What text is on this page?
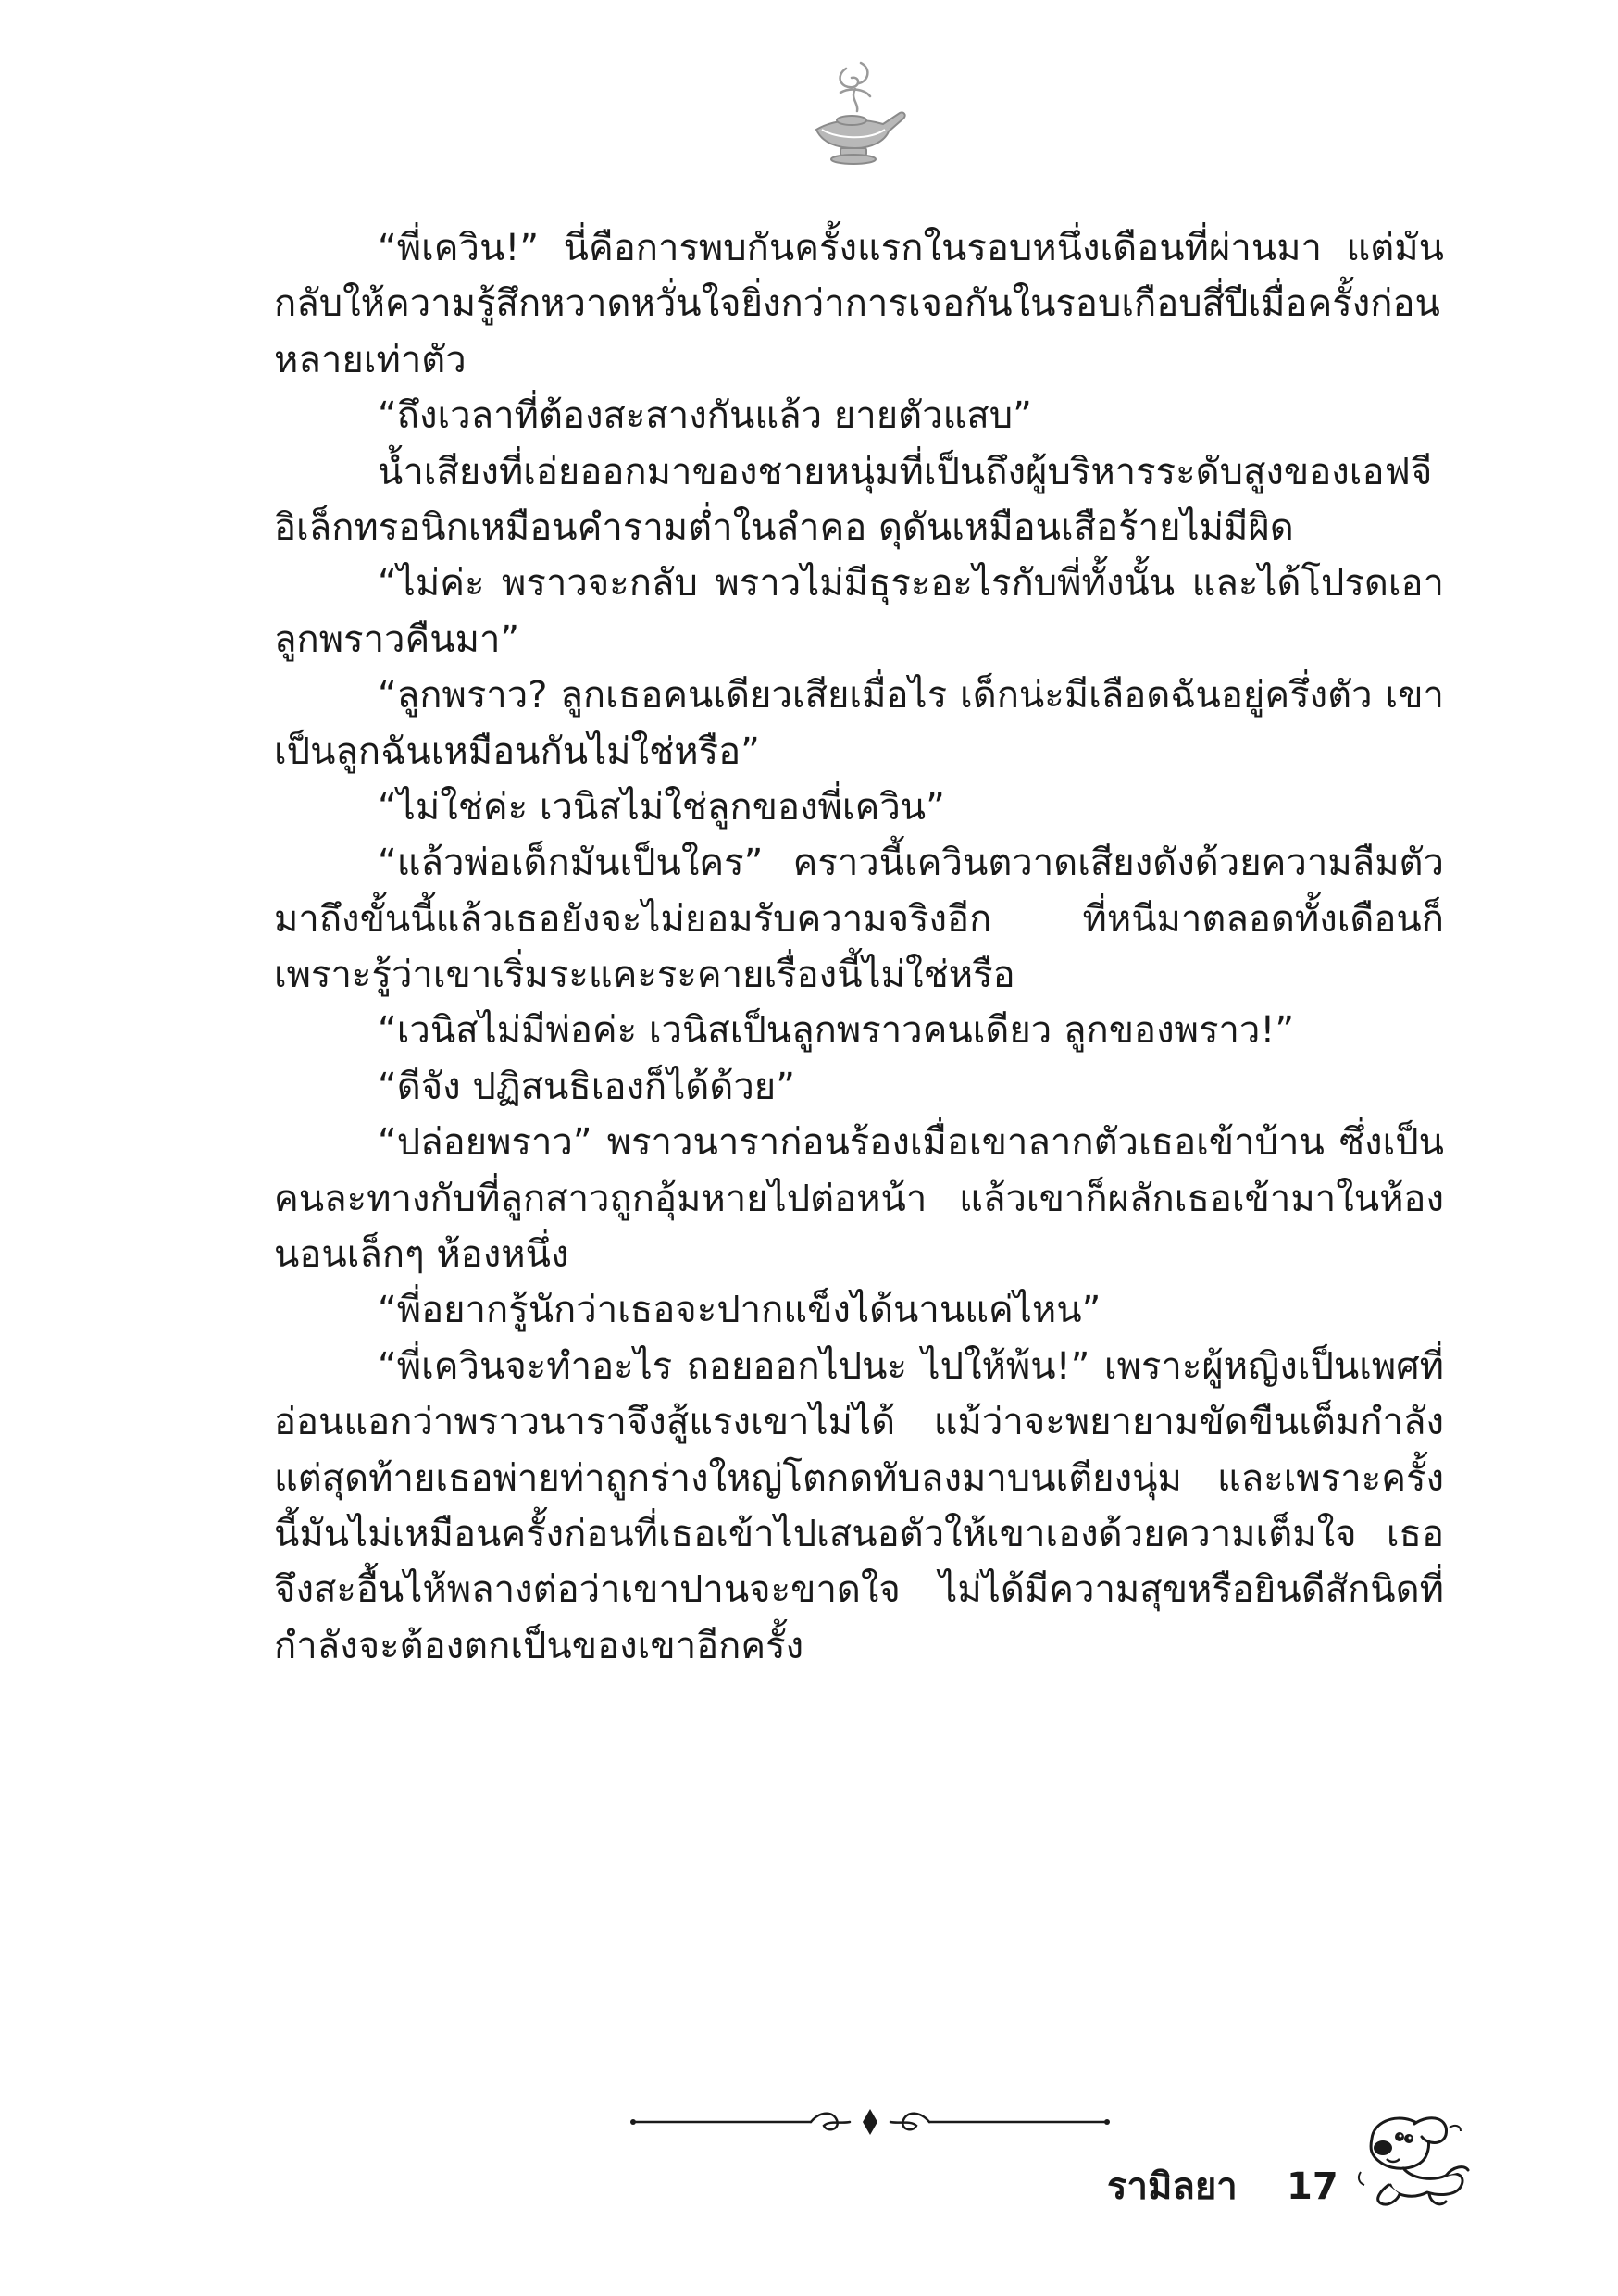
“พี่เควิน!” นี่คือการพบกันครั้งแรกในรอบหนึ่งเดือนที่ผ่านมา แต่มันกลับให้ความรู้สึกหวาดหวั่นใจยิ่งกว่าการเจอกันในรอบเกือบสี่ปีเมื่อครั้งก่อนหลายเท่าตัว

“ถึงเวลาที่ต้องสะสางกันแล้ว ยายตัวแสบ”

น้ำเสียงที่เอ่ยออกมาของชายหนุ่มที่เป็นถึงผู้บริหารระดับสูงของเอฟจีอิเล็กทรอนิกเหมือนคำรามต่ำในลำคอ ดุดันเหมือนเสือร้ายไม่มีผิด

“ไม่ค่ะ พราวจะกลับ พราวไม่มีธุระอะไรกับพี่ทั้งนั้น และได้โปรดเอาลูกพราวคืนมา”

“ลูกพราว? ลูกเธอคนเดียวเสียเมื่อไร เด็กน่ะมีเลือดฉันอยู่ครึ่งตัว เขาเป็นลูกฉันเหมือนกันไม่ใช่หรือ”

“ไม่ใช่ค่ะ เวนิสไม่ใช่ลูกของพี่เควิน”

“แล้วพ่อเด็กมันเป็นใคร” คราวนี้เควินตวาดเสียงดังด้วยความลืมตัว มาถึงขั้นนี้แล้วเธอยังจะไม่ยอมรับความจริงอีก ที่หนีมาตลอดทั้งเดือนก็เพราะรู้ว่าเขาเริ่มระแคะระคายเรื่องนี้ไม่ใช่หรือ

“เวนิสไม่มีพ่อค่ะ เวนิสเป็นลูกพราวคนเดียว ลูกของพราว!”

“ดีจัง ปฏิสนธิเองก็ได้ด้วย”

“ปล่อยพราว” พราวนาราก่อนร้องเมื่อเขาลากตัวเธอเข้าบ้าน ซึ่งเป็นคนละทางกับที่ลูกสาวถูกอุ้มหายไปต่อหน้า แล้วเขาก็ผลักเธอเข้ามาในห้องนอนเล็กๆ ห้องหนึ่ง

“พี่อยากรู้นักว่าเธอจะปากแข็งได้นานแค่ไหน”

“พี่เควินจะทำอะไร ถอยออกไปนะ ไปให้พ้น!” เพราะผู้หญิงเป็นเพศที่อ่อนแอกว่าพราวนาราจึงสู้แรงเขาไม่ได้ แม้ว่าจะพยายามขัดขืนเต็มกำลัง แต่สุดท้ายเธอพ่ายท่าถูกร่างใหญ่โตกดทับลงมาบนเตียงนุ่ม และเพราะครั้งนี้มันไม่เหมือนครั้งก่อนที่เธอเข้าไปเสนอตัวให้เขาเองด้วยความเต็มใจ เธอจึงสะอื้นไห้พลางต่อว่าเขาปานจะขาดใจ ไม่ได้มีความสุขหรือยินดีสักนิดที่กำลังจะต้องตกเป็นของเขาอีกครั้ง

รามิลยา 17
